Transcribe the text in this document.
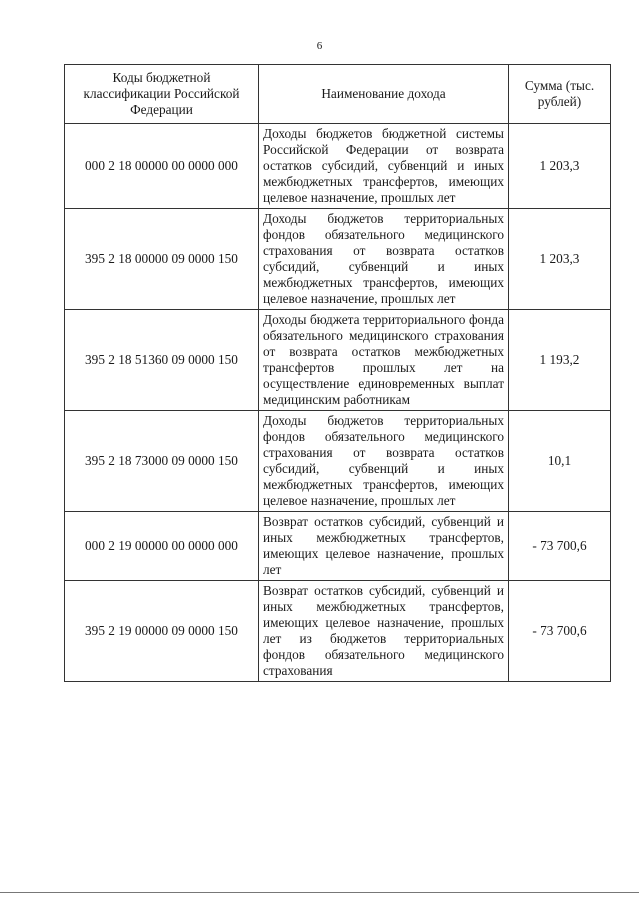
6
Коды бюджетной классификации Российской Федерации	Наименование дохода	Сумма (тыс. рублей)
000 2 18 00000 00 0000 000	Доходы бюджетов бюджетной системы Российской Федерации от возврата остатков субсидий, субвенций и иных межбюджетных трансфертов, имеющих целевое назначение, прошлых лет	1 203,3
395 2 18 00000 09 0000 150	Доходы бюджетов территориальных фондов обязательного медицинского страхования от возврата остатков субсидий, субвенций и иных межбюджетных трансфертов, имеющих целевое назначение, прошлых лет	1 203,3
395 2 18 51360 09 0000 150	Доходы бюджета территориального фонда обязательного медицинского страхования от возврата остатков межбюджетных трансфертов прошлых лет на осуществление единовременных выплат медицинским работникам	1 193,2
395 2 18 73000 09 0000 150	Доходы бюджетов территориальных фондов обязательного медицинского страхования от возврата остатков субсидий, субвенций и иных межбюджетных трансфертов, имеющих целевое назначение, прошлых лет	10,1
000 2 19 00000 00 0000 000	Возврат остатков субсидий, субвенций и иных межбюджетных трансфертов, имеющих целевое назначение, прошлых лет	- 73 700,6
395 2 19 00000 09 0000 150	Возврат остатков субсидий, субвенций и иных межбюджетных трансфертов, имеющих целевое назначение, прошлых лет из бюджетов территориальных фондов обязательного медицинского страхования	- 73 700,6
